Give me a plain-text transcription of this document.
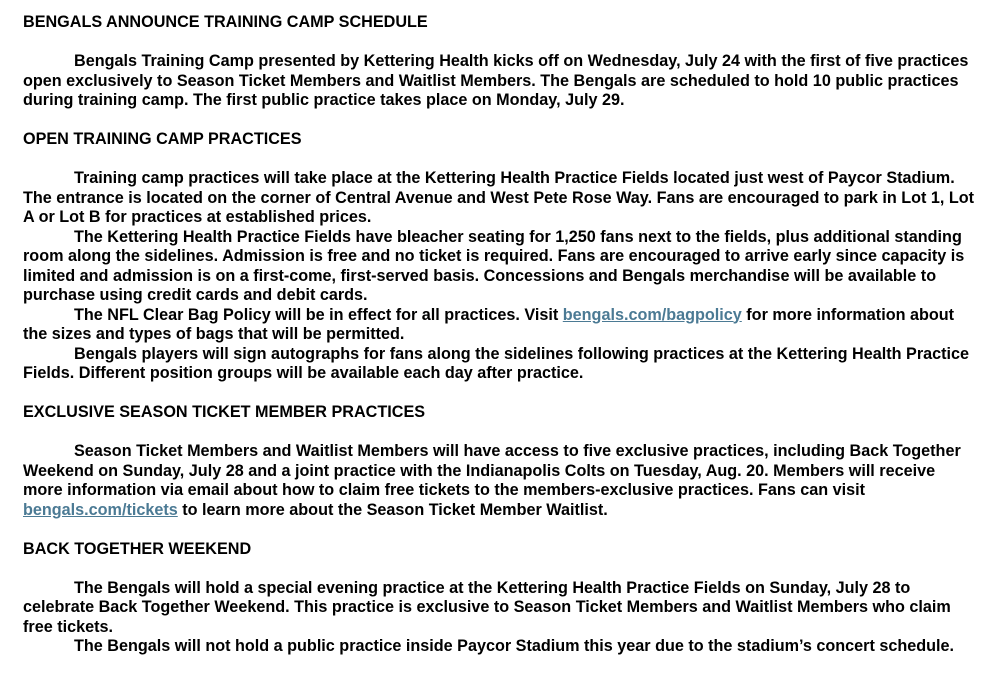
BENGALS ANNOUNCE TRAINING CAMP SCHEDULE

Bengals Training Camp presented by Kettering Health kicks off on Wednesday, July 24 with the first of five practices open exclusively to Season Ticket Members and Waitlist Members. The Bengals are scheduled to hold 10 public practices during training camp. The first public practice takes place on Monday, July 29.

OPEN TRAINING CAMP PRACTICES

Training camp practices will take place at the Kettering Health Practice Fields located just west of Paycor Stadium. The entrance is located on the corner of Central Avenue and West Pete Rose Way. Fans are encouraged to park in Lot 1, Lot A or Lot B for practices at established prices.

The Kettering Health Practice Fields have bleacher seating for 1,250 fans next to the fields, plus additional standing room along the sidelines. Admission is free and no ticket is required. Fans are encouraged to arrive early since capacity is limited and admission is on a first-come, first-served basis. Concessions and Bengals merchandise will be available to purchase using credit cards and debit cards.

The NFL Clear Bag Policy will be in effect for all practices. Visit bengals.com/bagpolicy for more information about the sizes and types of bags that will be permitted.

Bengals players will sign autographs for fans along the sidelines following practices at the Kettering Health Practice Fields. Different position groups will be available each day after practice.

EXCLUSIVE SEASON TICKET MEMBER PRACTICES

Season Ticket Members and Waitlist Members will have access to five exclusive practices, including Back Together Weekend on Sunday, July 28 and a joint practice with the Indianapolis Colts on Tuesday, Aug. 20. Members will receive more information via email about how to claim free tickets to the members-exclusive practices. Fans can visit bengals.com/tickets to learn more about the Season Ticket Member Waitlist.

BACK TOGETHER WEEKEND

The Bengals will hold a special evening practice at the Kettering Health Practice Fields on Sunday, July 28 to celebrate Back Together Weekend. This practice is exclusive to Season Ticket Members and Waitlist Members who claim free tickets.

The Bengals will not hold a public practice inside Paycor Stadium this year due to the stadium’s concert schedule.
